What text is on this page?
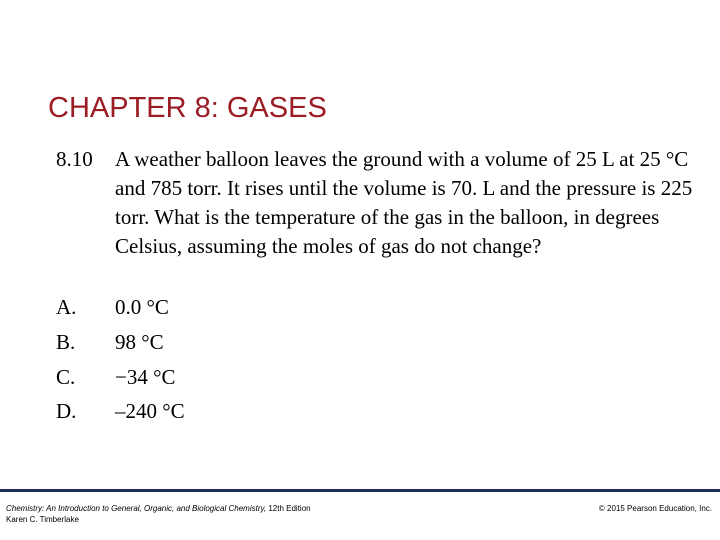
CHAPTER 8: GASES
8.10 A weather balloon leaves the ground with a volume of 25 L at 25 °C and 785 torr. It rises until the volume is 70. L and the pressure is 225 torr. What is the temperature of the gas in the balloon, in degrees Celsius, assuming the moles of gas do not change?
A. 0.0 °C
B. 98 °C
C. −34 °C
D. –240 °C
Chemistry: An Introduction to General, Organic, and Biological Chemistry, 12th Edition
Karen C. Timberlake
© 2015 Pearson Education, Inc.
